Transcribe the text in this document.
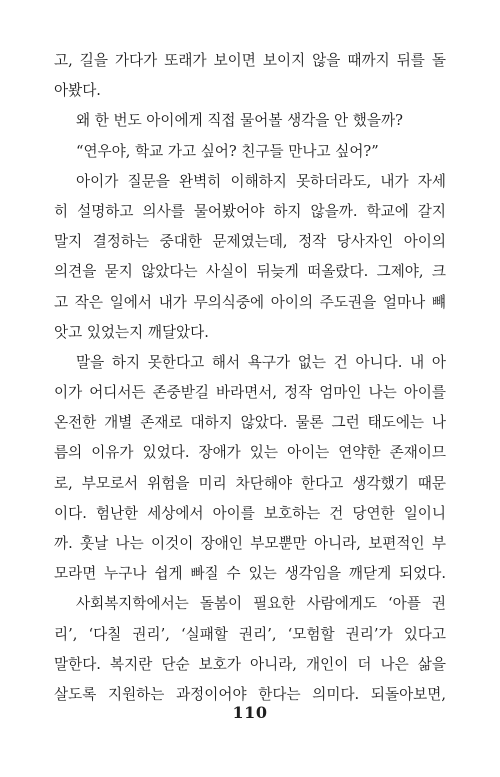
고, 길을 가다가 또래가 보이면 보이지 않을 때까지 뒤를 돌
아봤다.
왜 한 번도 아이에게 직접 물어볼 생각을 안 했을까?
“연우야, 학교 가고 싶어? 친구들 만나고 싶어?”
아이가 질문을 완벽히 이해하지 못하더라도, 내가 자세
히 설명하고 의사를 물어봤어야 하지 않을까. 학교에 갈지
말지 결정하는 중대한 문제였는데, 정작 당사자인 아이의
의견을 묻지 않았다는 사실이 뒤늦게 떠올랐다. 그제야, 크
고 작은 일에서 내가 무의식중에 아이의 주도권을 얼마나 뺴
앗고 있었는지 깨달았다.
말을 하지 못한다고 해서 욕구가 없는 건 아니다. 내 아
이가 어디서든 존중받길 바라면서, 정작 엄마인 나는 아이를
온전한 개별 존재로 대하지 않았다. 물론 그런 태도에는 나
름의 이유가 있었다. 장애가 있는 아이는 연약한 존재이므
로, 부모로서 위험을 미리 차단해야 한다고 생각했기 때문
이다. 험난한 세상에서 아이를 보호하는 건 당연한 일이니
까. 훗날 나는 이것이 장애인 부모뿐만 아니라, 보편적인 부
모라면 누구나 쉽게 빠질 수 있는 생각임을 깨닫게 되었다.
사회복지학에서는 돌봄이 필요한 사람에게도 ‘아플 권
리’, ‘다칠 권리’, ‘실패할 권리’, ‘모험할 권리’가 있다고
말한다. 복지란 단순 보호가 아니라, 개인이 더 나은 삶을
살도록 지원하는 과정이어야 한다는 의미다. 되돌아보면,
110
